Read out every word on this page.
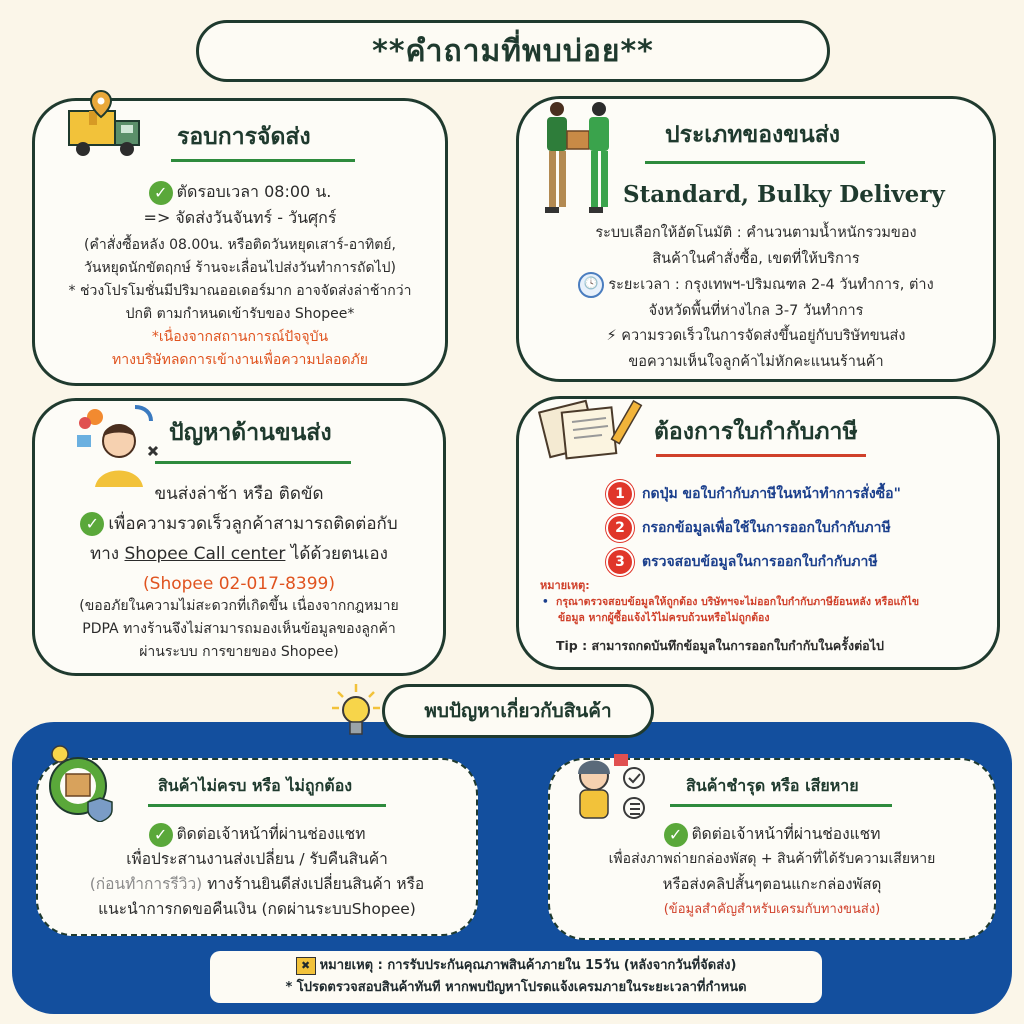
**คำถามที่พบบ่อย**
รอบการจัดส่ง
✓ ตัดรอบเวลา 08:00 น.
=> จัดส่งวันจันทร์ - วันศุกร์
(คำสั่งซื้อหลัง 08.00น. หรือติดวันหยุดเสาร์-อาทิตย์,
วันหยุดนักขัตฤกษ์ ร้านจะเลื่อนไปส่งวันทำการถัดไป)
* ช่วงโปรโมชั่นมีปริมาณออเดอร์มาก อาจจัดส่งล่าช้ากว่า
ปกติ ตามกำหนดเข้ารับของ Shopee*
*เนื่องจากสถานการณ์ปัจจุบัน
ทางบริษัทลดการเข้างานเพื่อความปลอดภัย
ประเภทของขนส่ง
Standard, Bulky Delivery
ระบบเลือกให้อัตโนมัติ : คำนวนตามน้ำหนักรวมของ
สินค้าในคำสั่งซื้อ, เขตที่ให้บริการ
🕓 ระยะเวลา : กรุงเทพฯ-ปริมณฑล 2-4 วันทำการ, ต่าง
จังหวัดพื้นที่ห่างไกล 3-7 วันทำการ
⚡ ความรวดเร็วในการจัดส่งขึ้นอยู่กับบริษัทขนส่ง
ขอความเห็นใจลูกค้าไม่หักคะแนนร้านค้า
ปัญหาด้านขนส่ง
ขนส่งล่าช้า หรือ ติดขัด
✓ เพื่อความรวดเร็วลูกค้าสามารถติดต่อกับ
ทาง Shopee Call center ได้ด้วยตนเอง
(Shopee 02-017-8399)
(ขออภัยในความไม่สะดวกที่เกิดขึ้น เนื่องจากกฎหมาย
PDPA ทางร้านจึงไม่สามารถมองเห็นข้อมูลของลูกค้า
ผ่านระบบ การขายของ Shopee)
ต้องการใบกำกับภาษี
1 กดปุ่ม ขอใบกำกับภาษีในหน้าทำการสั่งซื้อ"
2 กรอกข้อมูลเพื่อใช้ในการออกใบกำกับภาษี
3 ตรวจสอบข้อมูลในการออกใบกำกับภาษี
หมายเหตุ:
•  กรุณาตรวจสอบข้อมูลให้ถูกต้อง บริษัทฯจะไม่ออกใบกำกับภาษีย้อนหลัง หรือแก้ไข
ข้อมูล หากผู้ซื้อแจ้งไว้ไม่ครบถ้วนหรือไม่ถูกต้อง
Tip : สามารถกดบันทึกข้อมูลในการออกใบกำกับในครั้งต่อไป
พบปัญหาเกี่ยวกับสินค้า
สินค้าไม่ครบ หรือ ไม่ถูกต้อง
✓ ติดต่อเจ้าหน้าที่ผ่านช่องแชท
เพื่อประสานงานส่งเปลี่ยน / รับคืนสินค้า
(ก่อนทำการรีวิว) ทางร้านยินดีส่งเปลี่ยนสินค้า หรือ
แนะนำการกดขอคืนเงิน (กดผ่านระบบShopee)
สินค้าชำรุด หรือ เสียหาย
✓ ติดต่อเจ้าหน้าที่ผ่านช่องแชท
เพื่อส่งภาพถ่ายกล่องพัสดุ + สินค้าที่ได้รับความเสียหาย
หรือส่งคลิปสั้นๆตอนแกะกล่องพัสดุ
(ข้อมูลสำคัญสำหรับเครมกับทางขนส่ง)
✖ หมายเหตุ : การรับประกันคุณภาพสินค้าภายใน 15วัน (หลังจากวันที่จัดส่ง)
* โปรดตรวจสอบสินค้าทันที หากพบปัญหาโปรดแจ้งเครมภายในระยะเวลาที่กำหนด
